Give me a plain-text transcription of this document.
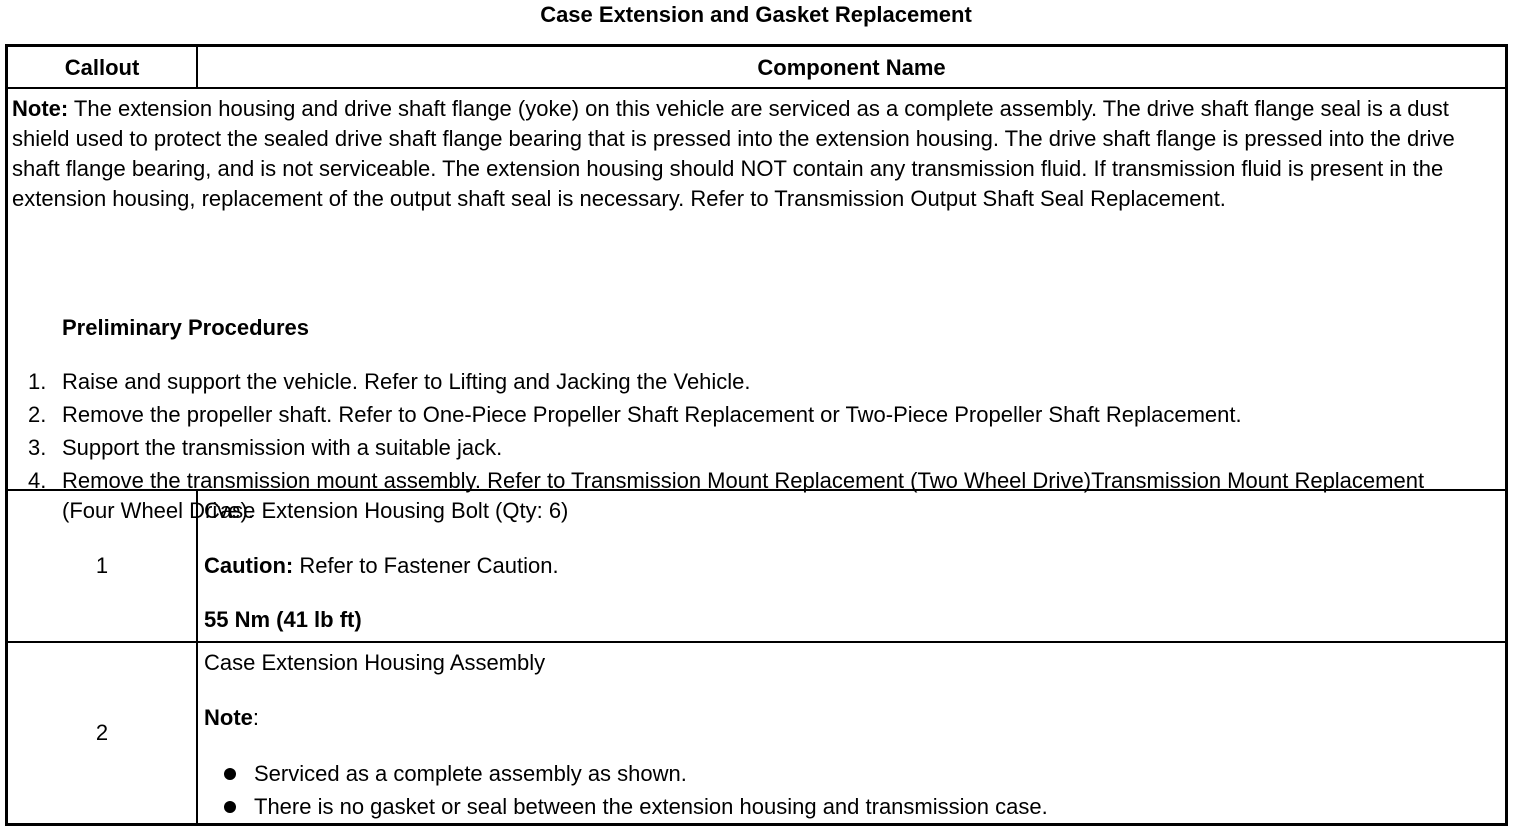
Case Extension and Gasket Replacement
Callout	Component Name

Note: The extension housing and drive shaft flange (yoke) on this vehicle are serviced as a complete assembly. The drive shaft flange seal is a dust shield used to protect the sealed drive shaft flange bearing that is pressed into the extension housing. The drive shaft flange is pressed into the drive shaft flange bearing, and is not serviceable. The extension housing should NOT contain any transmission fluid. If transmission fluid is present in the extension housing, replacement of the output shaft seal is necessary. Refer to Transmission Output Shaft Seal Replacement.

Preliminary Procedures

1. Raise and support the vehicle. Refer to Lifting and Jacking the Vehicle.
2. Remove the propeller shaft. Refer to One-Piece Propeller Shaft Replacement or Two-Piece Propeller Shaft Replacement.
3. Support the transmission with a suitable jack.
4. Remove the transmission mount assembly. Refer to Transmission Mount Replacement (Two Wheel Drive)Transmission Mount Replacement (Four Wheel Drive).
1

Case Extension Housing Bolt (Qty: 6)

Caution: Refer to Fastener Caution.

55 Nm (41 lb ft)

2

Case Extension Housing Assembly

Note:

Serviced as a complete assembly as shown.
There is no gasket or seal between the extension housing and transmission case.
